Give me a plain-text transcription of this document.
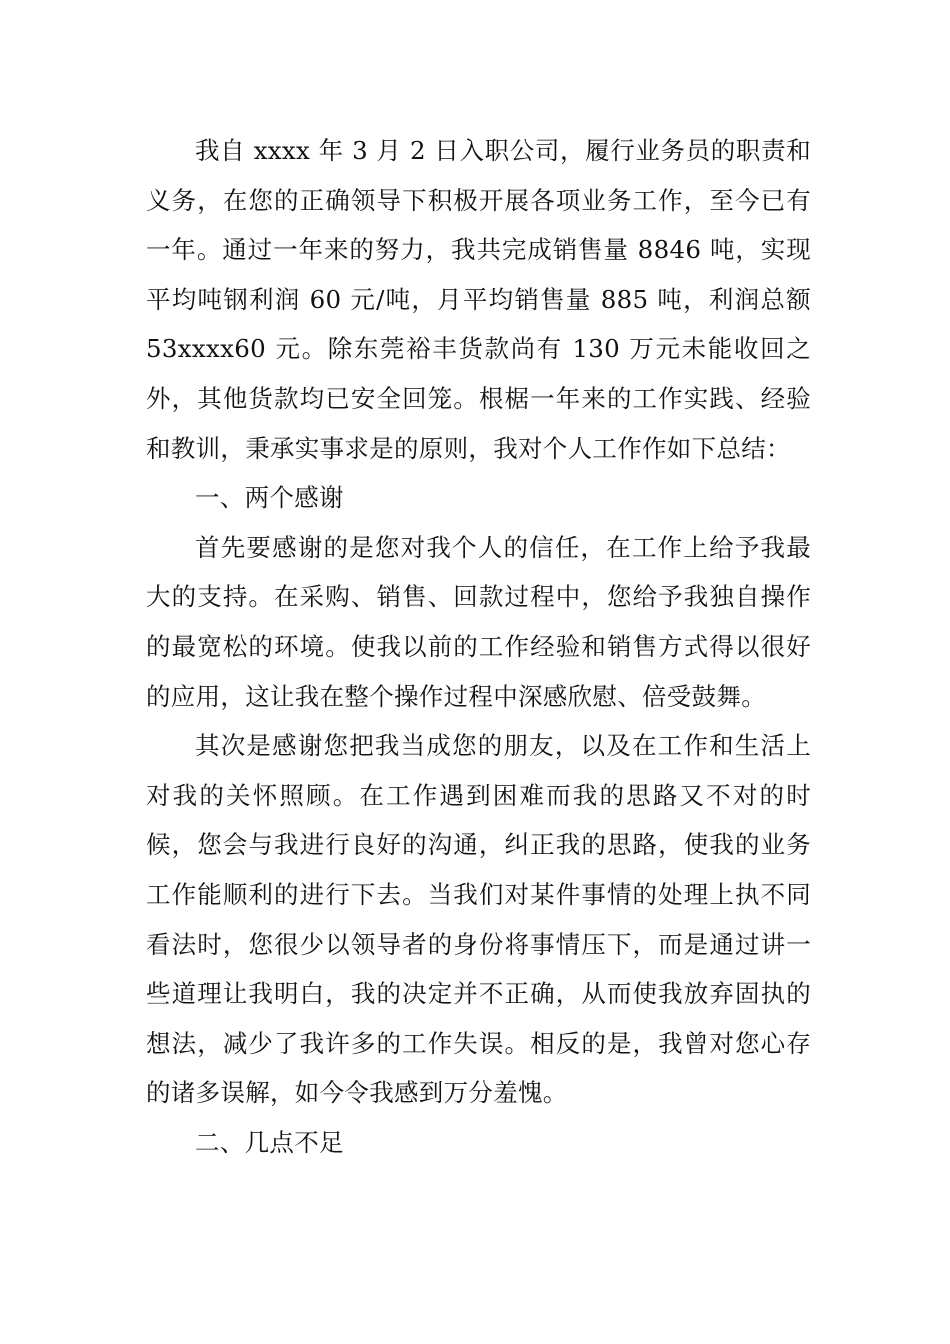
我自 xxxx 年 3 月 2 日入职公司，履行业务员的职责和义务，在您的正确领导下积极开展各项业务工作，至今已有一年。通过一年来的努力，我共完成销售量 8846 吨，实现平均吨钢利润 60 元/吨，月平均销售量 885 吨，利润总额 53xxxx60 元。除东莞裕丰货款尚有 130 万元未能收回之外，其他货款均已安全回笼。根椐一年来的工作实践、经验和教训，秉承实事求是的原则，我对个人工作作如下总结：

一、两个感谢

首先要感谢的是您对我个人的信任，在工作上给予我最大的支持。在采购、销售、回款过程中，您给予我独自操作的最宽松的环境。使我以前的工作经验和销售方式得以很好的应用，这让我在整个操作过程中深感欣慰、倍受鼓舞。

其次是感谢您把我当成您的朋友，以及在工作和生活上对我的关怀照顾。在工作遇到困难而我的思路又不对的时候，您会与我进行良好的沟通，纠正我的思路，使我的业务工作能顺利的进行下去。当我们对某件事情的处理上执不同看法时，您很少以领导者的身份将事情压下，而是通过讲一些道理让我明白，我的决定并不正确，从而使我放弃固执的想法，减少了我许多的工作失误。相反的是，我曾对您心存的诸多误解，如今令我感到万分羞愧。

二、几点不足
